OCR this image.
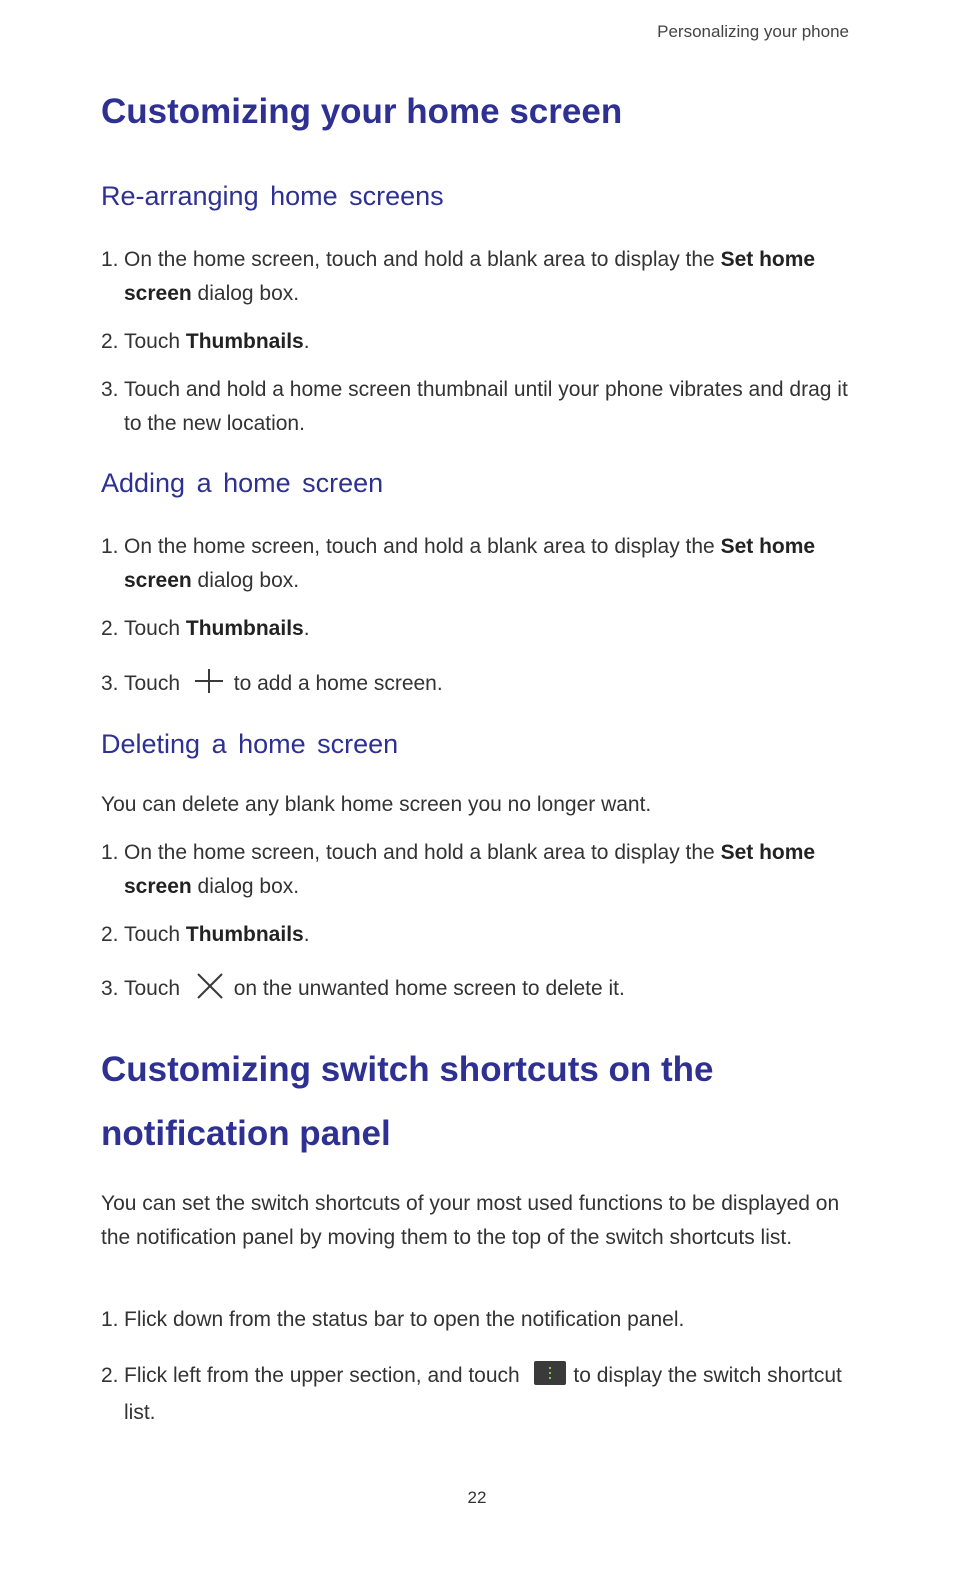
Personalizing your phone
Customizing your home screen
Re-arranging home screens
1. On the home screen, touch and hold a blank area to display the Set home screen dialog box.
2. Touch Thumbnails.
3. Touch and hold a home screen thumbnail until your phone vibrates and drag it to the new location.
Adding a home screen
1. On the home screen, touch and hold a blank area to display the Set home screen dialog box.
2. Touch Thumbnails.
3. Touch	to add a home screen.
Deleting a home screen

You can delete any blank home screen you no longer want.

1. On the home screen, touch and hold a blank area to display the Set home screen dialog box.
2. Touch Thumbnails.
3. Touch	on the unwanted home screen to delete it.
Customizing switch shortcuts on the
notification panel

You can set the switch shortcuts of your most used functions to be displayed on the notification panel by moving them to the top of the switch shortcuts list.

1. Flick down from the status bar to open the notification panel.
2. Flick left from the upper section, and touch	to display the switch shortcut list.
22
